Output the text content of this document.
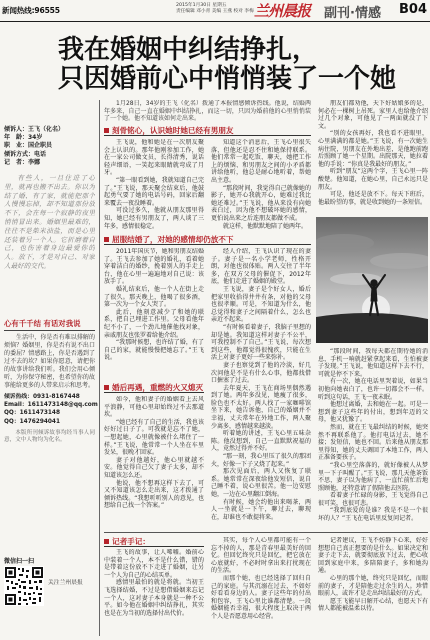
新闻热线:96555
2015年1月30日 星期五
责任编辑 邓小青 美编 王燕 校对 李梅 兰州晨报 副刊·情感 B04
我在婚姻中纠结挣扎，
只因婚前心中悄悄装了一个她

倾诉人：王飞（化名）

年　龄：34岁

职　业：国企职员

倾诉方式：电话

记　者：李娜

有些人，一旦住进了心里，就再也搬不出去。你以为结了婚、有了家，就能把那个人慢慢忘掉，却不知道那份放不下，会在每一个寂静的夜里悄悄冒出来。婚姻里最难的，往往不是柴米油盐，而是心里还装着另一个人。它折磨着自己，也伤害着身边最爱你的人。放下，才是对自己、对家人最好的交代。

心有千千结 有话对我说

生活中，你是否有难以排解的烦恼？婚姻里，你是否有说不出口的委屈？情感路上，你是否遇到了过不去的坎？如果你愿意，请把你的故事讲给我们听。我们会用心倾听，为你保守秘密，也希望你的故事能给更多的人带来启示和思考。

倾诉热线：0931-8167448

Email：1611473148@qq.com

QQ：1611473148

QQ：1476294041

本版所刊倾诉故事均经当事人同意，文中人物均为化名。

微信扫一扫
关注兰州晨报

1月28日，34岁的王飞（化名）拨通了本报情感倾诉热线。他说，结婚两年多来，自己一直在婚姻中纠结挣扎，而这一切，只因为婚前他的心里悄悄装了一个她。他不知道该如何走出来。

刻骨铭心，认识她时她已经有男朋友

王飞说，他和她是在一次朋友聚会上认识的。那年他刚参加工作，她在一家公司做文员，长得清秀，说话轻声细语，一笑起来眼睛就弯成了月牙。

“第一眼看到她，我就知道自己完了。”王飞说，那天聚会结束后，他鼓起勇气要了她的电话号码，回家后翻来覆去一夜没睡着。

可没过多久，他就从朋友那里得知，她已经有男朋友了，两人谈了三年多，感情很稳定。

知道这个消息后，王飞心里很失落，但他还是忍不住和她保持联系。他们常常一起吃饭、聊天，她把工作上的烦恼、和男朋友之间的小矛盾都讲给他听，他总是耐心地听着，帮她出主意。

“那段时间，我觉得自己就像她的影子，她开心我就开心，她难过我比她还难过。”王飞说，他从来没有向她表白过，因为他不想破坏她的感情，更怕说出来之后连朋友都做不成。

就这样，他默默地陪了她两年。

朋友们都劝他，天下好姑娘多的是，何必在一棵树上吊死。家里人也给他介绍过几个对象，可他见了一两面就没了下文。

“别的女孩再好，我也看不进眼里，心里满满的都是她。”王飞说，有一次她生病住院，男朋友在外地出差，是他跑前跑后照顾了她一个星期。出院那天，她拉着他的手说：“你真是我最好的朋友。”

听到“朋友”这两个字，王飞心里一阵酸楚。他知道，在她心里，自己永远只是朋友。

可是，他还是放不下。每天下班后，他最盼望的事，就是收到她的一条短信。

屈服结婚了，对她的感情却仍放不下

2011年国庆节，她和男朋友结婚了。王飞去参加了她的婚礼，看着她穿着洁白的婚纱，挽着别人的手走上台，他在心里一遍遍地对自己说：该放手了。

婚礼结束后，他一个人在街上走了很久。那天晚上，他喝了很多酒，第一次为一个女人哭了。

此后，他刻意减少了和她的联系，把自己埋进工作里。父母看他年纪不小了，一个劲儿地催他找对象，亲戚朋友也张罗着给他介绍。

“我那时候想，也许结了婚，有了自己的家，就能慢慢把她忘了。”王飞说。

经人介绍，王飞认识了现在的妻子。妻子是一名小学老师，性格开朗，对他也很体贴。两人交往了半年多，在双方父母的催促下，2012年底，他们走进了婚姻的殿堂。

王飞说，妻子是个好女人，婚后把家里收拾得井井有条，对他的父母也很孝顺。可是，不知道为什么，他总觉得和妻子之间隔着什么，怎么也亲近不起来。

“有时候看着妻子，我脑子里想的却是她。我知道这样对妻子不公平，可我控制不了自己。”王飞说，每次想到这些，他都觉得很愧疚，只能在生活上对妻子更好一些来弥补。

妻子也察觉到了他的冷淡，好几次问他是不是有什么心事，他都找借口搪塞了过去。

去年夏天，王飞在商场里偶然遇到了她。两年多没见，她瘦了很多，脸色也不太好。两人找了一家咖啡馆坐下来，她告诉他，自己的婚姻并不幸福，丈夫常年在外地工作，两人聚少离多，感情越来越淡。

听着她的讲述，王飞心里五味杂陈。他没想到，自己一直默默祝福的人，竟然过得并不好。

“那一刻，我心里压了很久的那团火，好像一下子又烧了起来。”

那次见面后，两人又恢复了联系。她常常在深夜给他发短信，说自己睡不着，说心里很苦。他一边安慰她，一边在心里翻江倒海。

有时候，她会约他出来喝茶，两人一坐就是一下午，聊过去，聊现在，却谁也不敢提将来。

“那段时间，我每天都在期待她的消息，手机一响就赶紧拿起来看，生怕被妻子发现。”王飞说，他知道这样下去不行，可就是停不下来。

有一次，她在电话里哭着说，如果当初他向她表白了，也许一切都会不一样。听到这句话，王飞一夜未眠。

他想过离婚，去和她在一起。可是一想到妻子这些年的付出，想到年迈的父母，他又犹豫了。

然而，就在王飞最纠结的时候，她突然不再联系他了。他打电话过去，她不接；发短信，她也不回。后来他从朋友那里得知，她的丈夫调回了本地工作，两人正准备要孩子。

“我心里空落落的，就好像被人从梦里一下子叫醒了。”王飞说，那几天他茶饭不思，妻子以为他病了，一直忙前忙后地照顾他，还特意请了假陪他去医院。

看着妻子忙碌的身影，王飞觉得自己很可笑，也很可悲。

“我到底爱的是谁？我是不是一个很坏的人？”王飞在电话里反复问记者。

婚后再遇，重燃的火又熄灭

如今，他和妻子的婚姻看上去风平浪静，可他心里却始终过不去那道坎。

“她已经有了自己的生活，我也该好好过日子了。可我就是忘不了她，一想起她，心里就像被什么堵住了一样。”王飞说，他常常一个人坐在车里发呆，很晚才回家。

妻子对他越好，他心里就越不安。他觉得自己欠了妻子太多，却不知道该怎么还。

他说，他不想再这样下去了，可又不知道该怎么走出来，这才拨通了倾诉热线。“我想听听别人的意见，也想给自己找一个答案。”

记者手记：

王飞的故事，让人唏嘘。婚前心中装着一个人，本不是什么错，错的是带着这份放不下走进了婚姻，让另一个人为自己的心结买单。

感情里最怕的就是将就。当初王飞选择结婚，不过是想借婚姻来忘记一个人，这对妻子本身就是一种不公平。如今他在婚姻中纠结挣扎，其实也是在为当初的选择付出代价。

其实，每个人心里都可能有一个忘不掉的人，那是青春里最美好的回忆。但回忆终究只是回忆，把它放在心底就好，不必时时拿出来打扰现在的生活。

而那个她，也已经选择了回归自己的家庭。与其沉溺在过去，不如好好看看身边的人。妻子这些年的付出和包容，王飞心里比谁都清楚。一段婚姻能否幸福，很大程度上取决于两个人是否愿意用心经营。

记者建议，王飞不妨静下心来，好好想想自己真正想要的是什么。如果决定和妻子走下去，就要彻底放下过去，把心收回到家庭中来，多陪陪妻子，多和她沟通。

心里的那个她，终究只是回忆，而眼前的妻子，才是陪他走过余生的人。珍惜眼前人，或许才是走出纠结最好的方式。

愿王飞能早日解开心结，也愿天下有情人都能被温柔以待。
